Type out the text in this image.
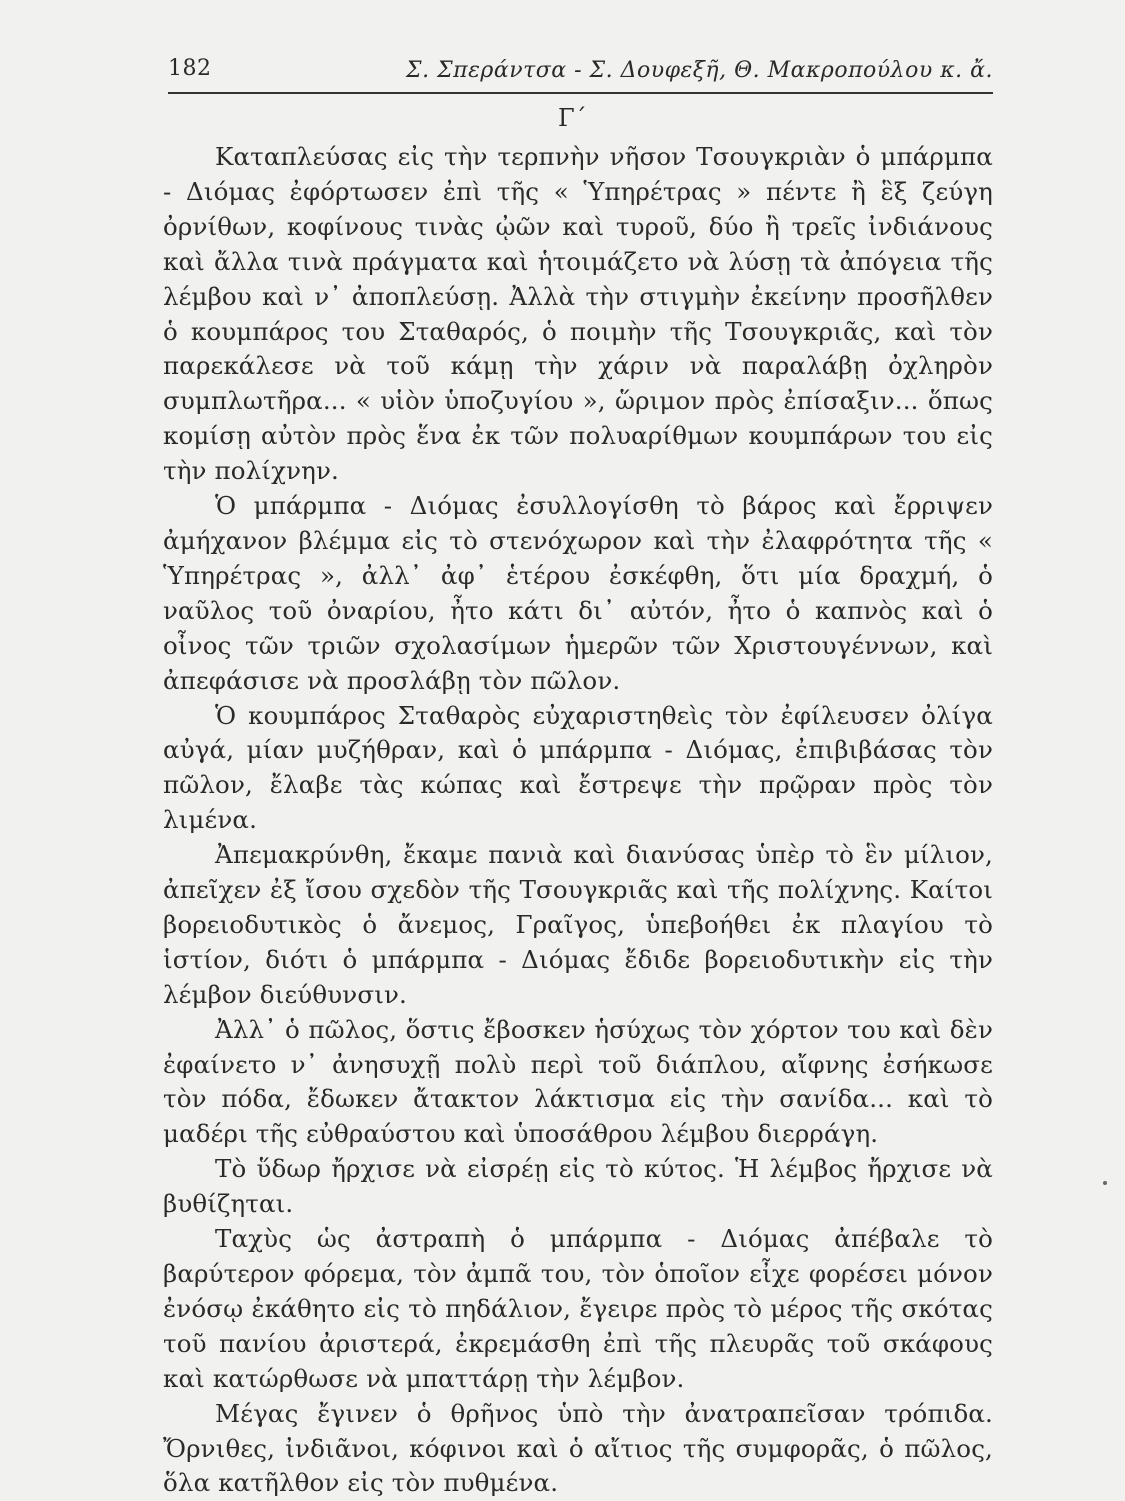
182	Σ. Σπεράντσα - Σ. Δουφεξῆ, Θ. Μακροπούλου κ. ἄ.
Γ΄

Καταπλεύσας εἰς τὴν τερπνὴν νῆσον Τσουγκριὰν ὁ μπάρμπα - Διόμας ἐφόρτωσεν ἐπὶ τῆς « Ὑπηρέτρας » πέντε ἢ ἓξ ζεύγη ὀρνίθων, κοφίνους τινὰς ᾠῶν καὶ τυροῦ, δύο ἢ τρεῖς ἰνδιάνους καὶ ἄλλα τινὰ πράγματα καὶ ἡτοιμάζετο νὰ λύσῃ τὰ ἀπόγεια τῆς λέμβου καὶ ν᾽ ἀποπλεύσῃ. Ἀλλὰ τὴν στιγμὴν ἐκείνην προσῆλθεν ὁ κουμπάρος του Σταθαρός, ὁ ποιμὴν τῆς Τσουγκριᾶς, καὶ τὸν παρεκάλεσε νὰ τοῦ κάμῃ τὴν χάριν νὰ παραλάβῃ ὀχληρὸν συμπλωτῆρα... « υἱὸν ὑποζυγίου », ὥριμον πρὸς ἐπίσαξιν... ὅπως κομίσῃ αὐτὸν πρὸς ἕνα ἐκ τῶν πολυαρίθμων κουμπάρων του εἰς τὴν πολίχνην.

Ὁ μπάρμπα - Διόμας ἐσυλλογίσθη τὸ βάρος καὶ ἔρριψεν ἀμήχανον βλέμμα εἰς τὸ στενόχωρον καὶ τὴν ἐλαφρότητα τῆς « Ὑπηρέτρας », ἀλλ᾽ ἀφ᾽ ἑτέρου ἐσκέφθη, ὅτι μία δραχμή, ὁ ναῦλος τοῦ ὀναρίου, ἦτο κάτι δι᾽ αὐτόν, ἦτο ὁ καπνὸς καὶ ὁ οἶνος τῶν τριῶν σχολασίμων ἡμερῶν τῶν Χριστουγέννων, καὶ ἀπεφάσισε νὰ προσλάβῃ τὸν πῶλον.

Ὁ κουμπάρος Σταθαρὸς εὐχαριστηθεὶς τὸν ἐφίλευσεν ὀλίγα αὐγά, μίαν μυζήθραν, καὶ ὁ μπάρμπα - Διόμας, ἐπιβιβάσας τὸν πῶλον, ἔλαβε τὰς κώπας καὶ ἔστρεψε τὴν πρῷραν πρὸς τὸν λιμένα.

Ἀπεμακρύνθη, ἔκαμε πανιὰ καὶ διανύσας ὑπὲρ τὸ ἓν μίλιον, ἀπεῖχεν ἐξ ἴσου σχεδὸν τῆς Τσουγκριᾶς καὶ τῆς πολίχνης. Καίτοι βορειοδυτικὸς ὁ ἄνεμος, Γραῖγος, ὑπεβοήθει ἐκ πλαγίου τὸ ἱστίον, διότι ὁ μπάρμπα - Διόμας ἔδιδε βορειοδυτικὴν εἰς τὴν λέμβον διεύθυνσιν.

Ἀλλ᾽ ὁ πῶλος, ὅστις ἔβοσκεν ἡσύχως τὸν χόρτον του καὶ δὲν ἐφαίνετο ν᾽ ἀνησυχῇ πολὺ περὶ τοῦ διάπλου, αἴφνης ἐσήκωσε τὸν πόδα, ἔδωκεν ἄτακτον λάκτισμα εἰς τὴν σανίδα... καὶ τὸ μαδέρι τῆς εὐθραύστου καὶ ὑποσάθρου λέμβου διερράγη.

Τὸ ὕδωρ ἤρχισε νὰ εἰσρέῃ εἰς τὸ κύτος. Ἡ λέμβος ἤρχισε νὰ βυθίζηται.

Ταχὺς ὡς ἀστραπὴ ὁ μπάρμπα - Διόμας ἀπέβαλε τὸ βαρύτερον φόρεμα, τὸν ἀμπᾶ του, τὸν ὁποῖον εἶχε φορέσει μόνον ἐνόσῳ ἐκάθητο εἰς τὸ πηδάλιον, ἔγειρε πρὸς τὸ μέρος τῆς σκότας τοῦ πανίου ἀριστερά, ἐκρεμάσθη ἐπὶ τῆς πλευρᾶς τοῦ σκάφους καὶ κατώρθωσε νὰ μπαττάρῃ τὴν λέμβον.

Μέγας ἔγινεν ὁ θρῆνος ὑπὸ τὴν ἀνατραπεῖσαν τρόπιδα. Ὄρνιθες, ἰνδιᾶνοι, κόφινοι καὶ ὁ αἴτιος τῆς συμφορᾶς, ὁ πῶλος, ὅλα κατῆλθον εἰς τὸν πυθμένα.
